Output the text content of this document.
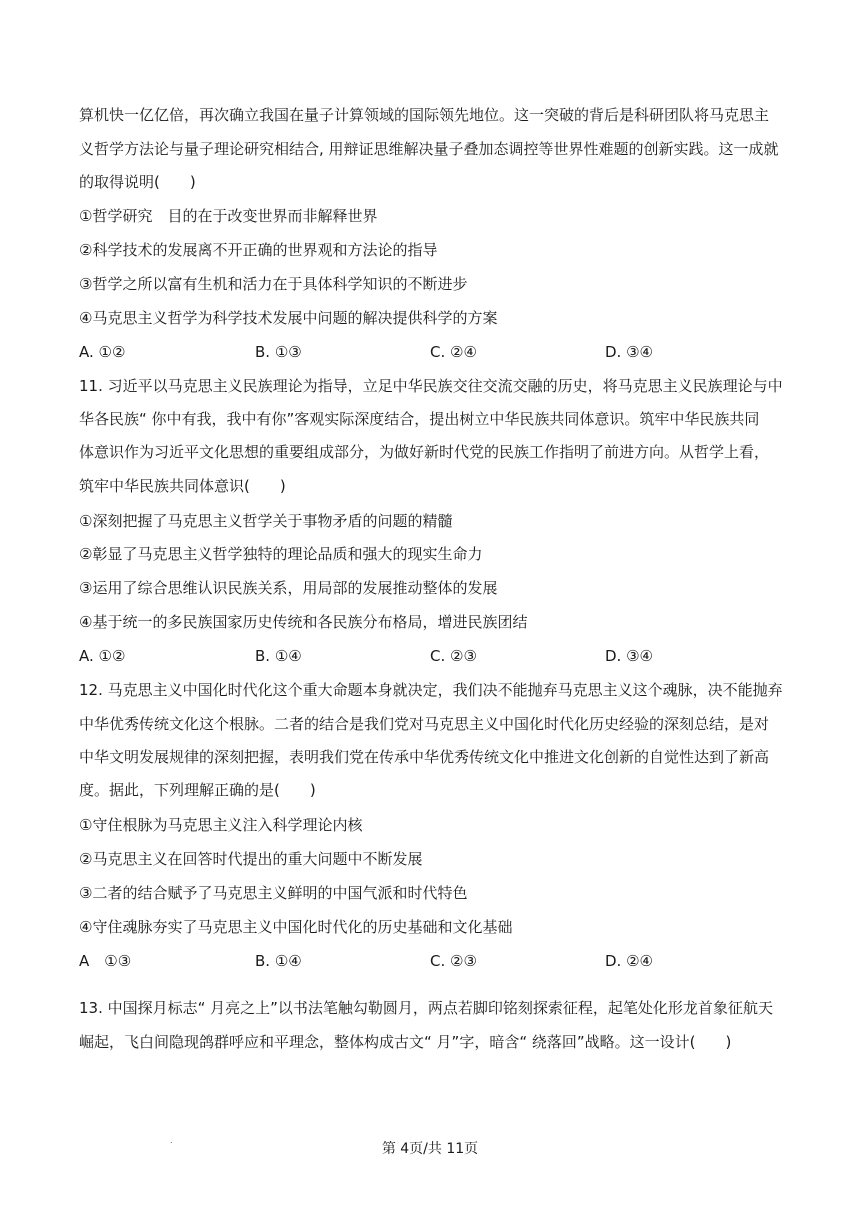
算机快一亿亿倍，再次确立我国在量子计算领域的国际领先地位。这一突破的背后是科研团队将马克思主
义哲学方法论与量子理论研究相结合, 用辩证思维解决量子叠加态调控等世界性难题的创新实践。这一成就
的取得说明(　　)
①哲学研究　目的在于改变世界而非解释世界
②科学技术的发展离不开正确的世界观和方法论的指导
③哲学之所以富有生机和活力在于具体科学知识的不断进步
④马克思主义哲学为科学技术发展中问题的解决提供科学的方案
A. ①②	B. ①③	C. ②④	D. ③④
11. 习近平以马克思主义民族理论为指导，立足中华民族交往交流交融的历史，将马克思主义民族理论与中
华各民族“ 你中有我，我中有你”客观实际深度结合，提出树立中华民族共同体意识。筑牢中华民族共同
体意识作为习近平文化思想的重要组成部分，为做好新时代党的民族工作指明了前进方向。从哲学上看，
筑牢中华民族共同体意识(　　)
①深刻把握了马克思主义哲学关于事物矛盾的问题的精髓
②彰显了马克思主义哲学独特的理论品质和强大的现实生命力
③运用了综合思维认识民族关系，用局部的发展推动整体的发展
④基于统一的多民族国家历史传统和各民族分布格局，增进民族团结
A. ①②	B. ①④	C. ②③	D. ③④
12. 马克思主义中国化时代化这个重大命题本身就决定，我们决不能抛弃马克思主义这个魂脉，决不能抛弃
中华优秀传统文化这个根脉。二者的结合是我们党对马克思主义中国化时代化历史经验的深刻总结，是对
中华文明发展规律的深刻把握，表明我们党在传承中华优秀传统文化中推进文化创新的自觉性达到了新高
度。据此，下列理解正确的是(　　)
①守住根脉为马克思主义注入科学理论内核
②马克思主义在回答时代提出的重大问题中不断发展
③二者的结合赋予了马克思主义鲜明的中国气派和时代特色
④守住魂脉夯实了马克思主义中国化时代化的历史基础和文化基础
A　①③	B. ①④	C. ②③	D. ②④
13. 中国探月标志“ 月亮之上”以书法笔触勾勒圆月，两点若脚印铭刻探索征程，起笔处化形龙首象征航天
崛起，飞白间隐现鸽群呼应和平理念，整体构成古文“ 月”字，暗含“ 绕落回”战略。这一设计(　　)
.
第 4页/共 11页
